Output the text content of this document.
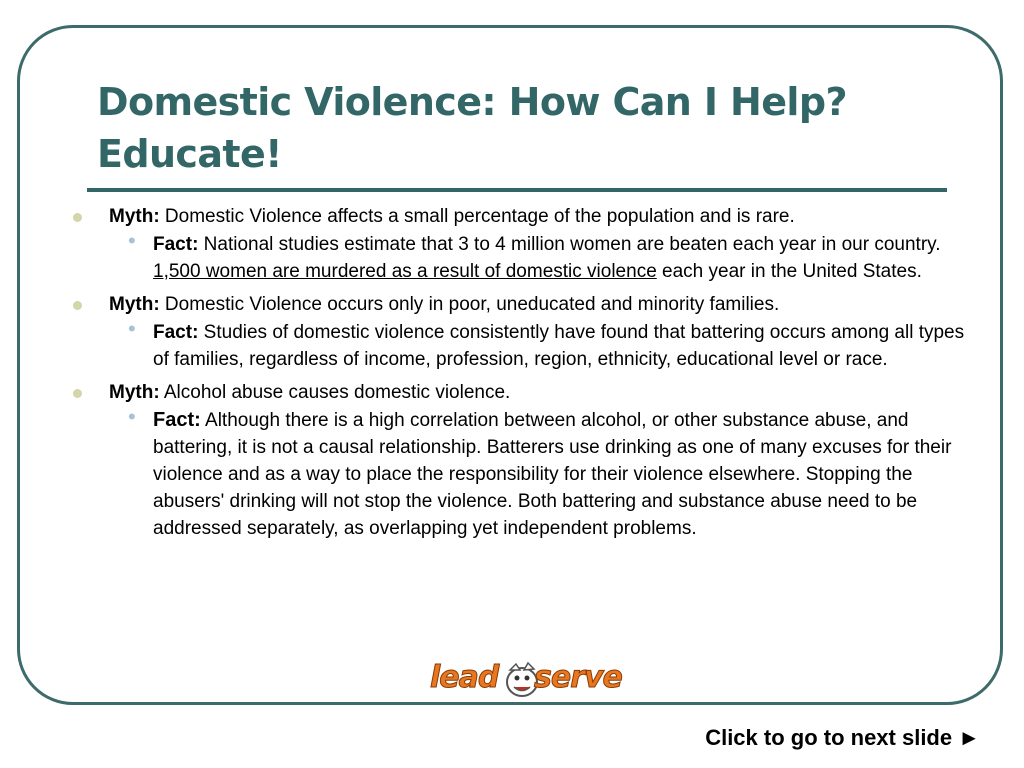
Domestic Violence: How Can I Help?
Educate!
Myth: Domestic Violence affects a small percentage of the population and is rare.
• Fact: National studies estimate that 3 to 4 million women are beaten each year in our country. 1,500 women are murdered as a result of domestic violence each year in the United States.
Myth: Domestic Violence occurs only in poor, uneducated and minority families.
• Fact: Studies of domestic violence consistently have found that battering occurs among all types of families, regardless of income, profession, region, ethnicity, educational level or race.
Myth: Alcohol abuse causes domestic violence.
• Fact: Although there is a high correlation between alcohol, or other substance abuse, and battering, it is not a causal relationship. Batterers use drinking as one of many excuses for their violence and as a way to place the responsibility for their violence elsewhere. Stopping the abusers' drinking will not stop the violence. Both battering and substance abuse need to be addressed separately, as overlapping yet independent problems.
lead serve
Click to go to next slide ►
